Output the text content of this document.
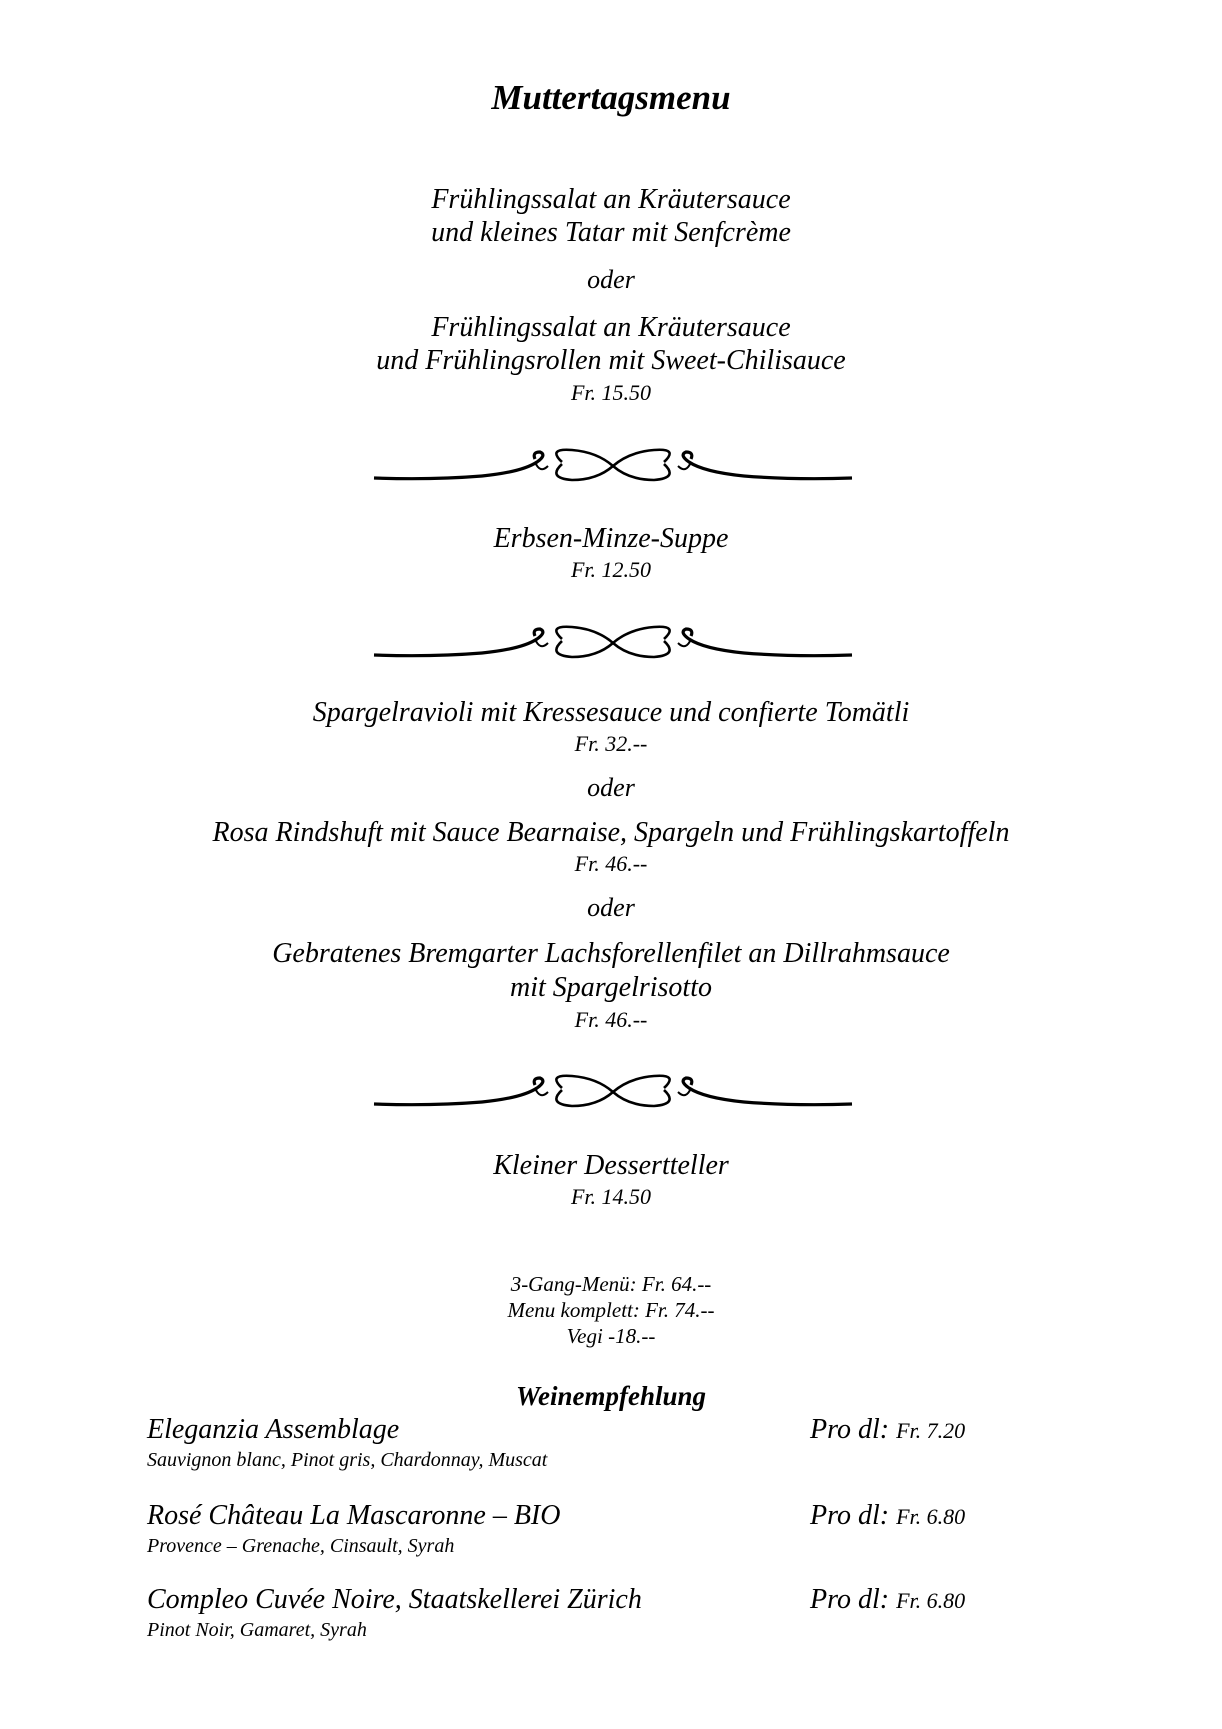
Muttertagsmenu
Frühlingssalat an Kräutersauce
und kleines Tatar mit Senfcrème
oder
Frühlingssalat an Kräutersauce
und Frühlingsrollen mit Sweet-Chilisauce
Fr. 15.50
Erbsen-Minze-Suppe
Fr. 12.50
Spargelravioli mit Kressesauce und confierte Tomätli
Fr. 32.--
oder
Rosa Rindshuft mit Sauce Bearnaise, Spargeln und Frühlingskartoffeln
Fr. 46.--
oder
Gebratenes Bremgarter Lachsforellenfilet an Dillrahmsauce
mit Spargelrisotto
Fr. 46.--
Kleiner Dessertteller
Fr. 14.50
3-Gang-Menü: Fr. 64.--
Menu komplett: Fr. 74.--
Vegi -18.--
Weinempfehlung
Eleganzia Assemblage
Sauvignon blanc, Pinot gris, Chardonnay, Muscat
Pro dl: Fr. 7.20
Rosé Château La Mascaronne – BIO
Provence – Grenache, Cinsault, Syrah
Pro dl: Fr. 6.80
Compleo Cuvée Noire, Staatskellerei Zürich
Pinot Noir, Gamaret, Syrah
Pro dl: Fr. 6.80
